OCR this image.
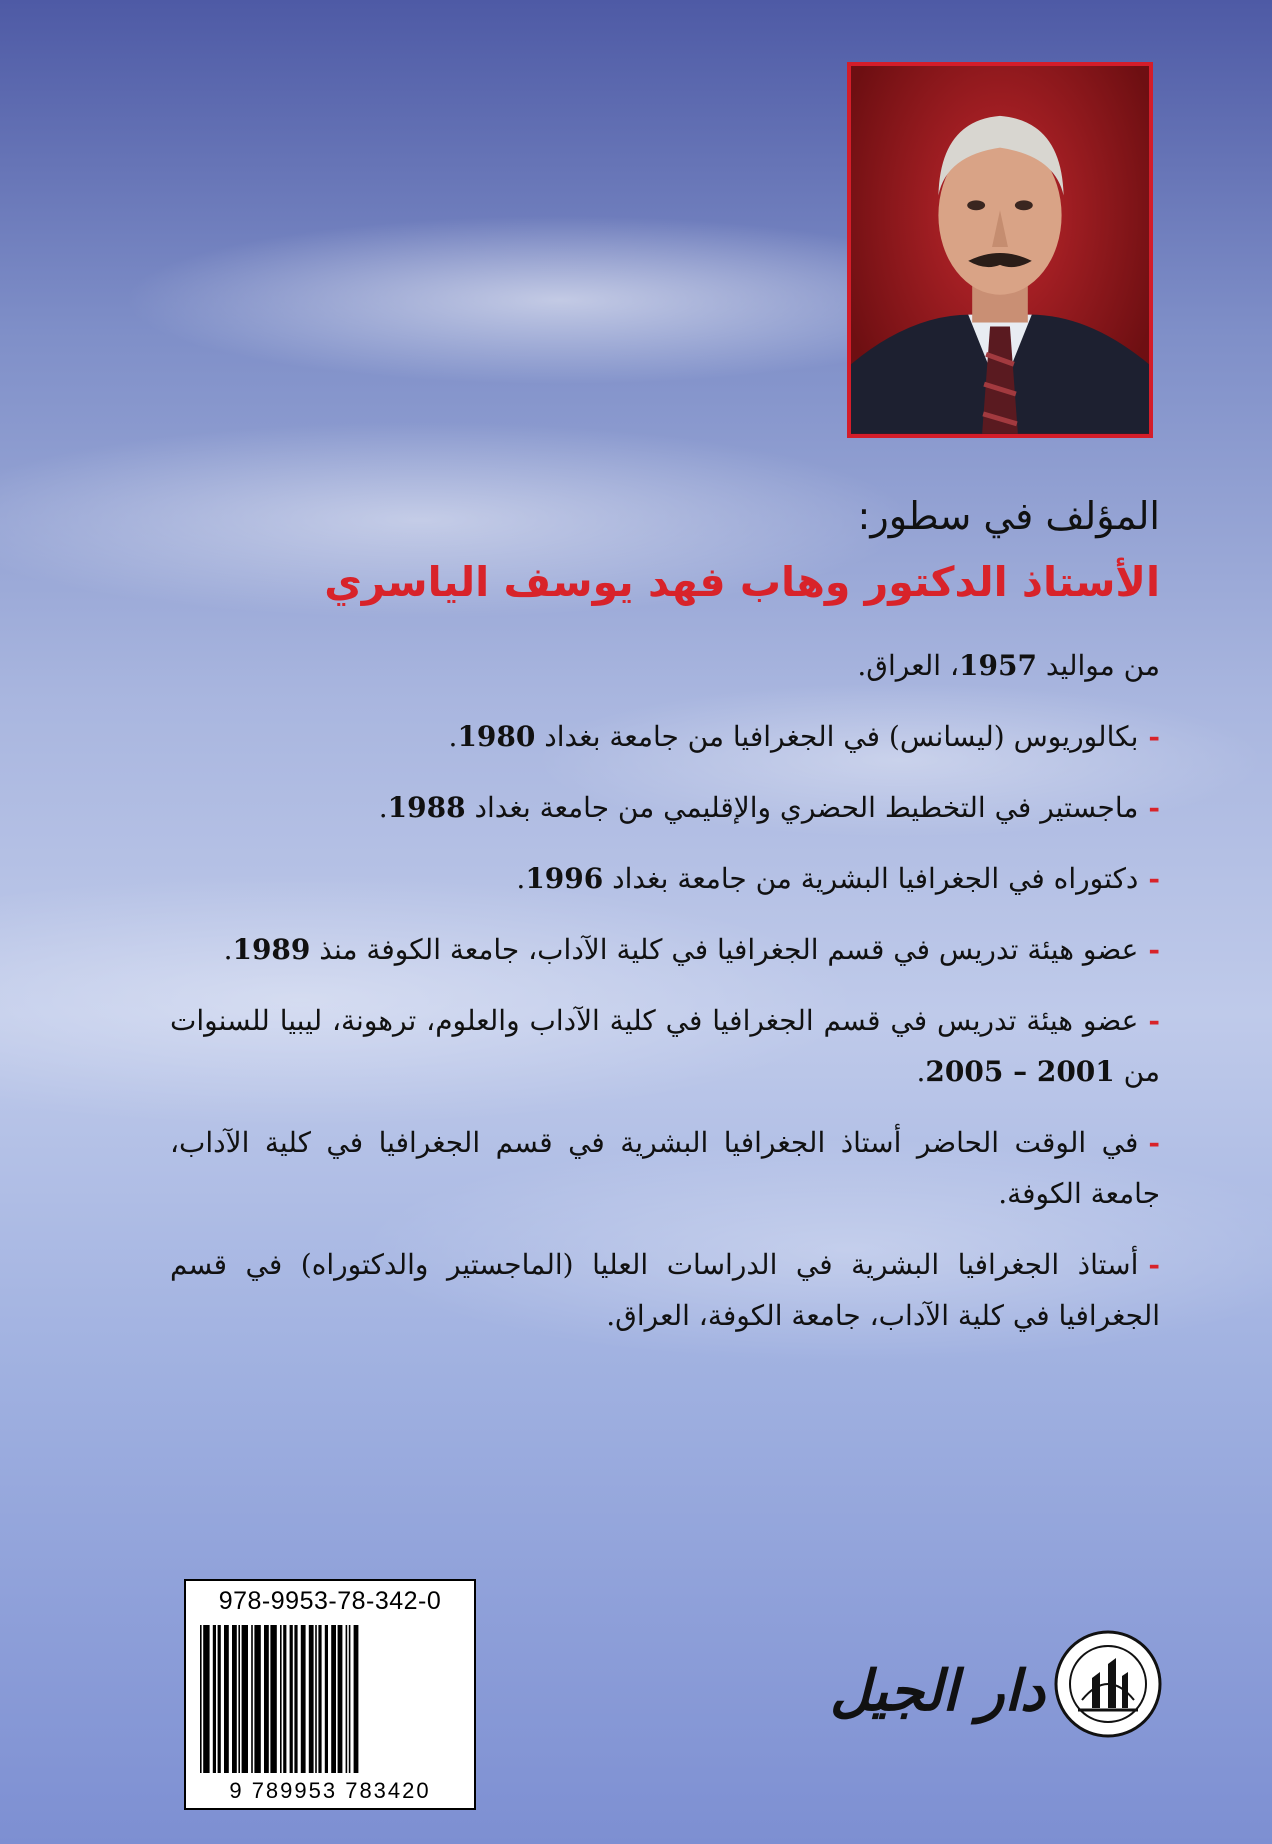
المؤلف في سطور:
الأستاذ الدكتور وهاب فهد يوسف الياسري

من مواليد 1957، العراق.

-بكالوريوس (ليسانس) في الجغرافيا من جامعة بغداد 1980.

-ماجستير في التخطيط الحضري والإقليمي من جامعة بغداد 1988.

-دكتوراه في الجغرافيا البشرية من جامعة بغداد 1996.

-عضو هيئة تدريس في قسم الجغرافيا في كلية الآداب، جامعة الكوفة منذ 1989.

-عضو هيئة تدريس في قسم الجغرافيا في كلية الآداب والعلوم، ترهونة، ليبيا للسنوات من 2001 – 2005.

-في الوقت الحاضر أستاذ الجغرافيا البشرية في قسم الجغرافيا في كلية الآداب، جامعة الكوفة.

-أستاذ الجغرافيا البشرية في الدراسات العليا (الماجستير والدكتوراه) في قسم الجغرافيا في كلية الآداب، جامعة الكوفة، العراق.

978-9953-78-342-0
9 789953 783420
دار الجيل
